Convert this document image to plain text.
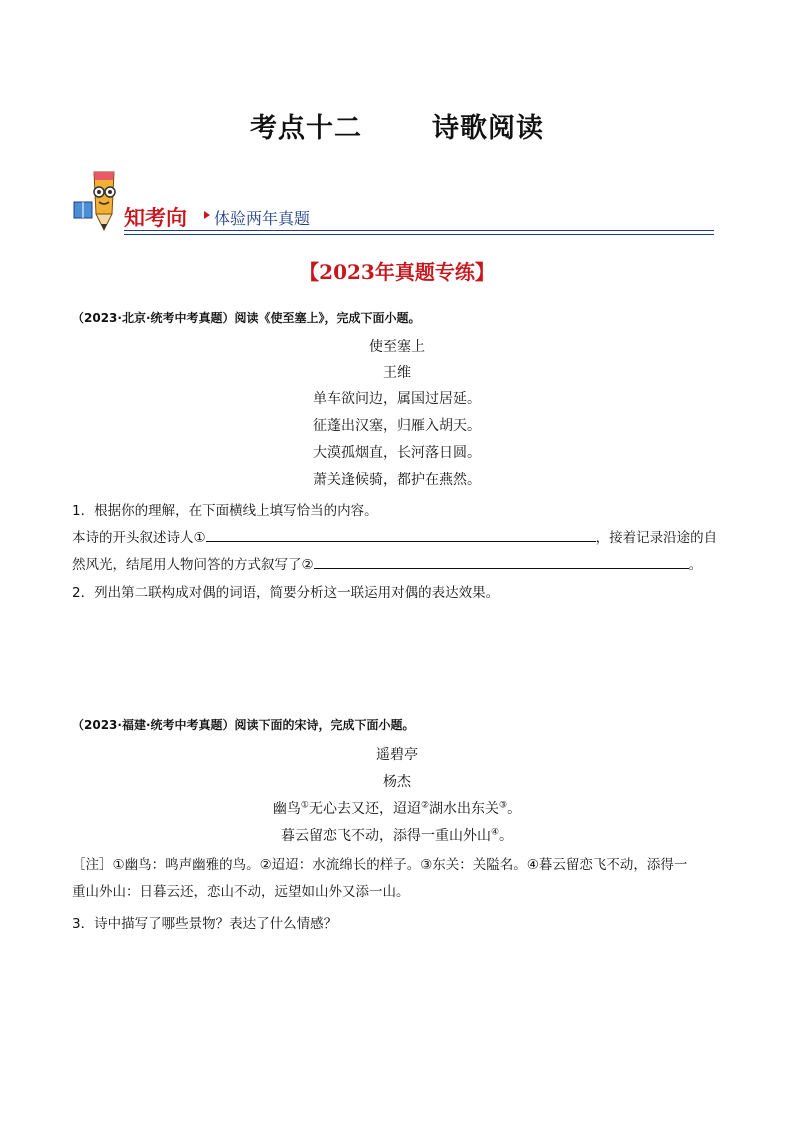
考点十二	诗歌阅读
知考向 体验两年真题
【2023年真题专练】
（2023·北京·统考中考真题）阅读《使至塞上》，完成下面小题。
使至塞上
王维
单车欲问边，属国过居延。
征蓬出汉塞，归雁入胡天。
大漠孤烟直，长河落日圆。
萧关逢候骑，都护在燕然。
1．根据你的理解，在下面横线上填写恰当的内容。
本诗的开头叙述诗人①	，接着记录沿途的自
然风光，结尾用人物问答的方式叙写了②	。
2．列出第二联构成对偶的词语，简要分析这一联运用对偶的表达效果。
（2023·福建·统考中考真题）阅读下面的宋诗，完成下面小题。
遥碧亭
杨杰
幽鸟①无心去又还，迢迢②湖水出东关③。
暮云留恋飞不动，添得一重山外山④。
［注］①幽鸟：鸣声幽雅的鸟。②迢迢：水流绵长的样子。③东关：关隘名。④暮云留恋飞不动，添得一
重山外山：日暮云还，恋山不动，远望如山外又添一山。
3．诗中描写了哪些景物？表达了什么情感？
